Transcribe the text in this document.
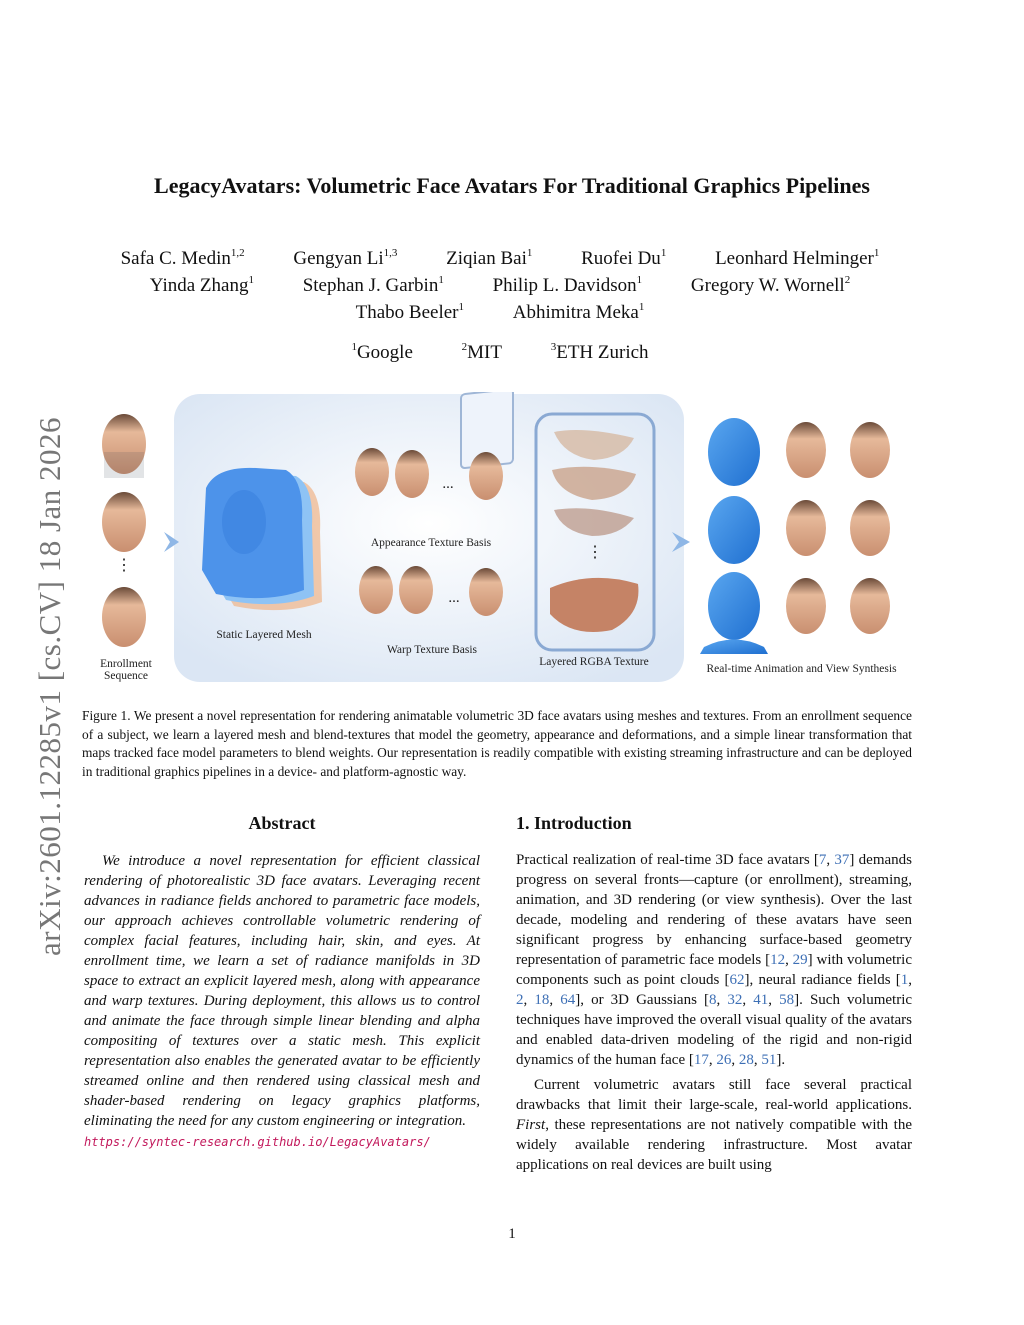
arXiv:2601.12285v1 [cs.CV] 18 Jan 2026
LegacyAvatars: Volumetric Face Avatars For Traditional Graphics Pipelines
Safa C. Medin$^{1,2}$	Gengyan Li$^{1,3}$	Ziqian Bai$^1$	Ruofei Du$^1$	Leonhard Helminger$^1$
Yinda Zhang$^1$	Stephan J. Garbin$^1$	Philip L. Davidson$^1$	Gregory W. Wornell$^2$
Thabo Beeler$^1$	Abhimitra Meka$^1$
$^1$Google	$^2$MIT	$^3$ETH Zurich
⋮
...
...
⋮
Enrollment Sequence
Static Layered Mesh
Appearance Texture Basis
Warp Texture Basis
Layered RGBA Texture
Real-time Animation and View Synthesis
Figure 1. We present a novel representation for rendering animatable volumetric 3D face avatars using meshes and textures. From an enrollment sequence of a subject, we learn a layered mesh and blend-textures that model the geometry, appearance and deformations, and a simple linear transformation that maps tracked face model parameters to blend weights. Our representation is readily compatible with existing streaming infrastructure and can be deployed in traditional graphics pipelines in a device- and platform-agnostic way.
Abstract

We introduce a novel representation for efficient classical rendering of photorealistic 3D face avatars. Leveraging recent advances in radiance fields anchored to parametric face models, our approach achieves controllable volumetric rendering of complex facial features, including hair, skin, and eyes. At enrollment time, we learn a set of radiance manifolds in 3D space to extract an explicit layered mesh, along with appearance and warp textures. During deployment, this allows us to control and animate the face through simple linear blending and alpha compositing of textures over a static mesh. This explicit representation also enables the generated avatar to be efficiently streamed online and then rendered using classical mesh and shader-based rendering on legacy graphics platforms, eliminating the need for any custom engineering or integration.

https://syntec-research.github.io/LegacyAvatars/

1. Introduction

Practical realization of real-time 3D face avatars [7, 37] demands progress on several fronts—capture (or enrollment), streaming, animation, and 3D rendering (or view synthesis). Over the last decade, modeling and rendering of these avatars have seen significant progress by enhancing surface-based geometry representation of parametric face models [12, 29] with volumetric components such as point clouds [62], neural radiance fields [1, 2, 18, 64], or 3D Gaussians [8, 32, 41, 58]. Such volumetric techniques have improved the overall visual quality of the avatars and enabled data-driven modeling of the rigid and non-rigid dynamics of the human face [17, 26, 28, 51].

Current volumetric avatars still face several practical drawbacks that limit their large-scale, real-world applications. First, these representations are not natively compatible with the widely available rendering infrastructure. Most avatar applications on real devices are built using

1
